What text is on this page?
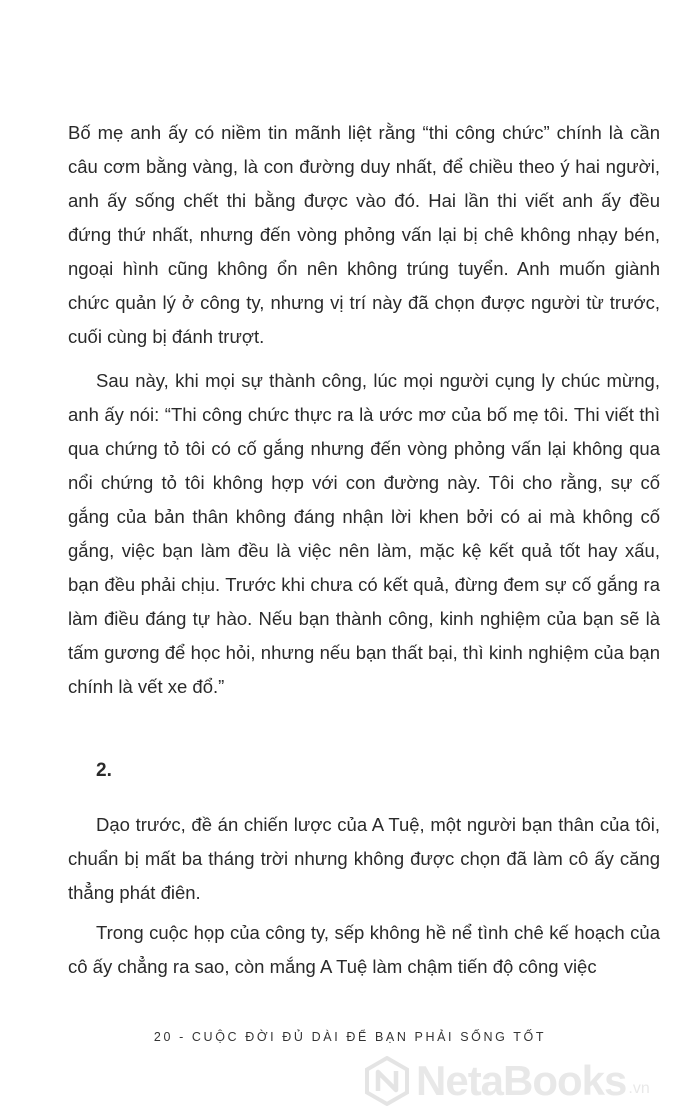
Bố mẹ anh ấy có niềm tin mãnh liệt rằng “thi công chức” chính là cần câu cơm bằng vàng, là con đường duy nhất, để chiều theo ý hai người, anh ấy sống chết thi bằng được vào đó. Hai lần thi viết anh ấy đều đứng thứ nhất, nhưng đến vòng phỏng vấn lại bị chê không nhạy bén, ngoại hình cũng không ổn nên không trúng tuyển. Anh muốn giành chức quản lý ở công ty, nhưng vị trí này đã chọn được người từ trước, cuối cùng bị đánh trượt.

Sau này, khi mọi sự thành công, lúc mọi người cụng ly chúc mừng, anh ấy nói: “Thi công chức thực ra là ước mơ của bố mẹ tôi. Thi viết thì qua chứng tỏ tôi có cố gắng nhưng đến vòng phỏng vấn lại không qua nổi chứng tỏ tôi không hợp với con đường này. Tôi cho rằng, sự cố gắng của bản thân không đáng nhận lời khen bởi có ai mà không cố gắng, việc bạn làm đều là việc nên làm, mặc kệ kết quả tốt hay xấu, bạn đều phải chịu. Trước khi chưa có kết quả, đừng đem sự cố gắng ra làm điều đáng tự hào. Nếu bạn thành công, kinh nghiệm của bạn sẽ là tấm gương để học hỏi, nhưng nếu bạn thất bại, thì kinh nghiệm của bạn chính là vết xe đổ.”

2.

Dạo trước, đề án chiến lược của A Tuệ, một người bạn thân của tôi, chuẩn bị mất ba tháng trời nhưng không được chọn đã làm cô ấy căng thẳng phát điên.

Trong cuộc họp của công ty, sếp không hề nể tình chê kế hoạch của cô ấy chẳng ra sao, còn mắng A Tuệ làm chậm tiến độ công việc

20 - CUỘC ĐỜI ĐỦ DÀI ĐỂ BẠN PHẢI SỐNG TỐT
NetaBooks .vn
